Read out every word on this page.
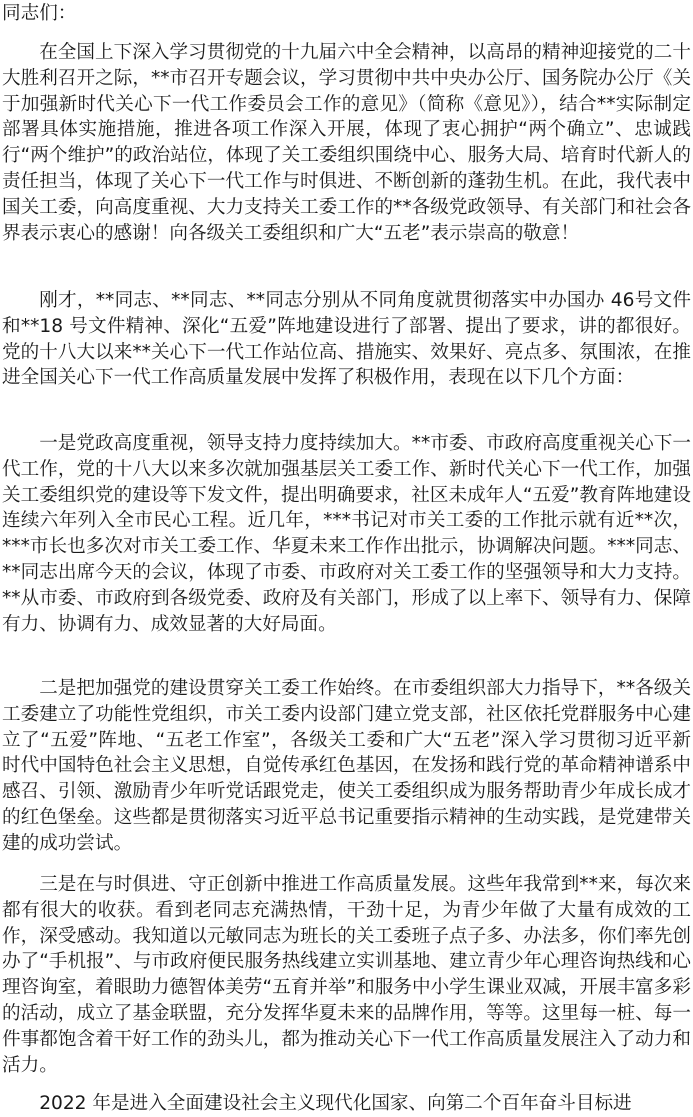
同志们：

在全国上下深入学习贯彻党的十九届六中全会精神，以高昂的精神迎接党的二十大胜利召开之际，**市召开专题会议，学习贯彻中共中央办公厅、国务院办公厅《关于加强新时代关心下一代工作委员会工作的意见》（简称《意见》），结合**实际制定部署具体实施措施，推进各项工作深入开展，体现了衷心拥护“两个确立”、忠诚践行“两个维护”的政治站位，体现了关工委组织围绕中心、服务大局、培育时代新人的责任担当，体现了关心下一代工作与时俱进、不断创新的蓬勃生机。在此，我代表中国关工委，向高度重视、大力支持关工委工作的**各级党政领导、有关部门和社会各界表示衷心的感谢！向各级关工委组织和广大“五老”表示崇高的敬意！

刚才，**同志、**同志、**同志分别从不同角度就贯彻落实中办国办 46号文件和**18 号文件精神、深化“五爱”阵地建设进行了部署、提出了要求，讲的都很好。党的十八大以来**关心下一代工作站位高、措施实、效果好、亮点多、氛围浓，在推进全国关心下一代工作高质量发展中发挥了积极作用，表现在以下几个方面：

一是党政高度重视，领导支持力度持续加大。**市委、市政府高度重视关心下一代工作，党的十八大以来多次就加强基层关工委工作、新时代关心下一代工作，加强关工委组织党的建设等下发文件，提出明确要求，社区未成年人“五爱”教育阵地建设连续六年列入全市民心工程。近几年，***书记对市关工委的工作批示就有近**次，***市长也多次对市关工委工作、华夏未来工作作出批示，协调解决问题。***同志、**同志出席今天的会议，体现了市委、市政府对关工委工作的坚强领导和大力支持。**从市委、市政府到各级党委、政府及有关部门，形成了以上率下、领导有力、保障有力、协调有力、成效显著的大好局面。

二是把加强党的建设贯穿关工委工作始终。在市委组织部大力指导下，**各级关工委建立了功能性党组织，市关工委内设部门建立党支部，社区依托党群服务中心建立了“五爱”阵地、“五老工作室”，各级关工委和广大“五老”深入学习贯彻习近平新时代中国特色社会主义思想，自觉传承红色基因，在发扬和践行党的革命精神谱系中感召、引领、激励青少年听党话跟党走，使关工委组织成为服务帮助青少年成长成才的红色堡垒。这些都是贯彻落实习近平总书记重要指示精神的生动实践，是党建带关建的成功尝试。

三是在与时俱进、守正创新中推进工作高质量发展。这些年我常到**来，每次来都有很大的收获。看到老同志充满热情，干劲十足，为青少年做了大量有成效的工作，深受感动。我知道以元敏同志为班长的关工委班子点子多、办法多，你们率先创办了“手机报”、与市政府便民服务热线建立实训基地、建立青少年心理咨询热线和心理咨询室，着眼助力德智体美劳“五育并举”和服务中小学生课业双减，开展丰富多彩的活动，成立了基金联盟，充分发挥华夏未来的品牌作用，等等。这里每一桩、每一件事都饱含着干好工作的劲头儿，都为推动关心下一代工作高质量发展注入了动力和活力。

2022 年是进入全面建设社会主义现代化国家、向第二个百年奋斗目标进
